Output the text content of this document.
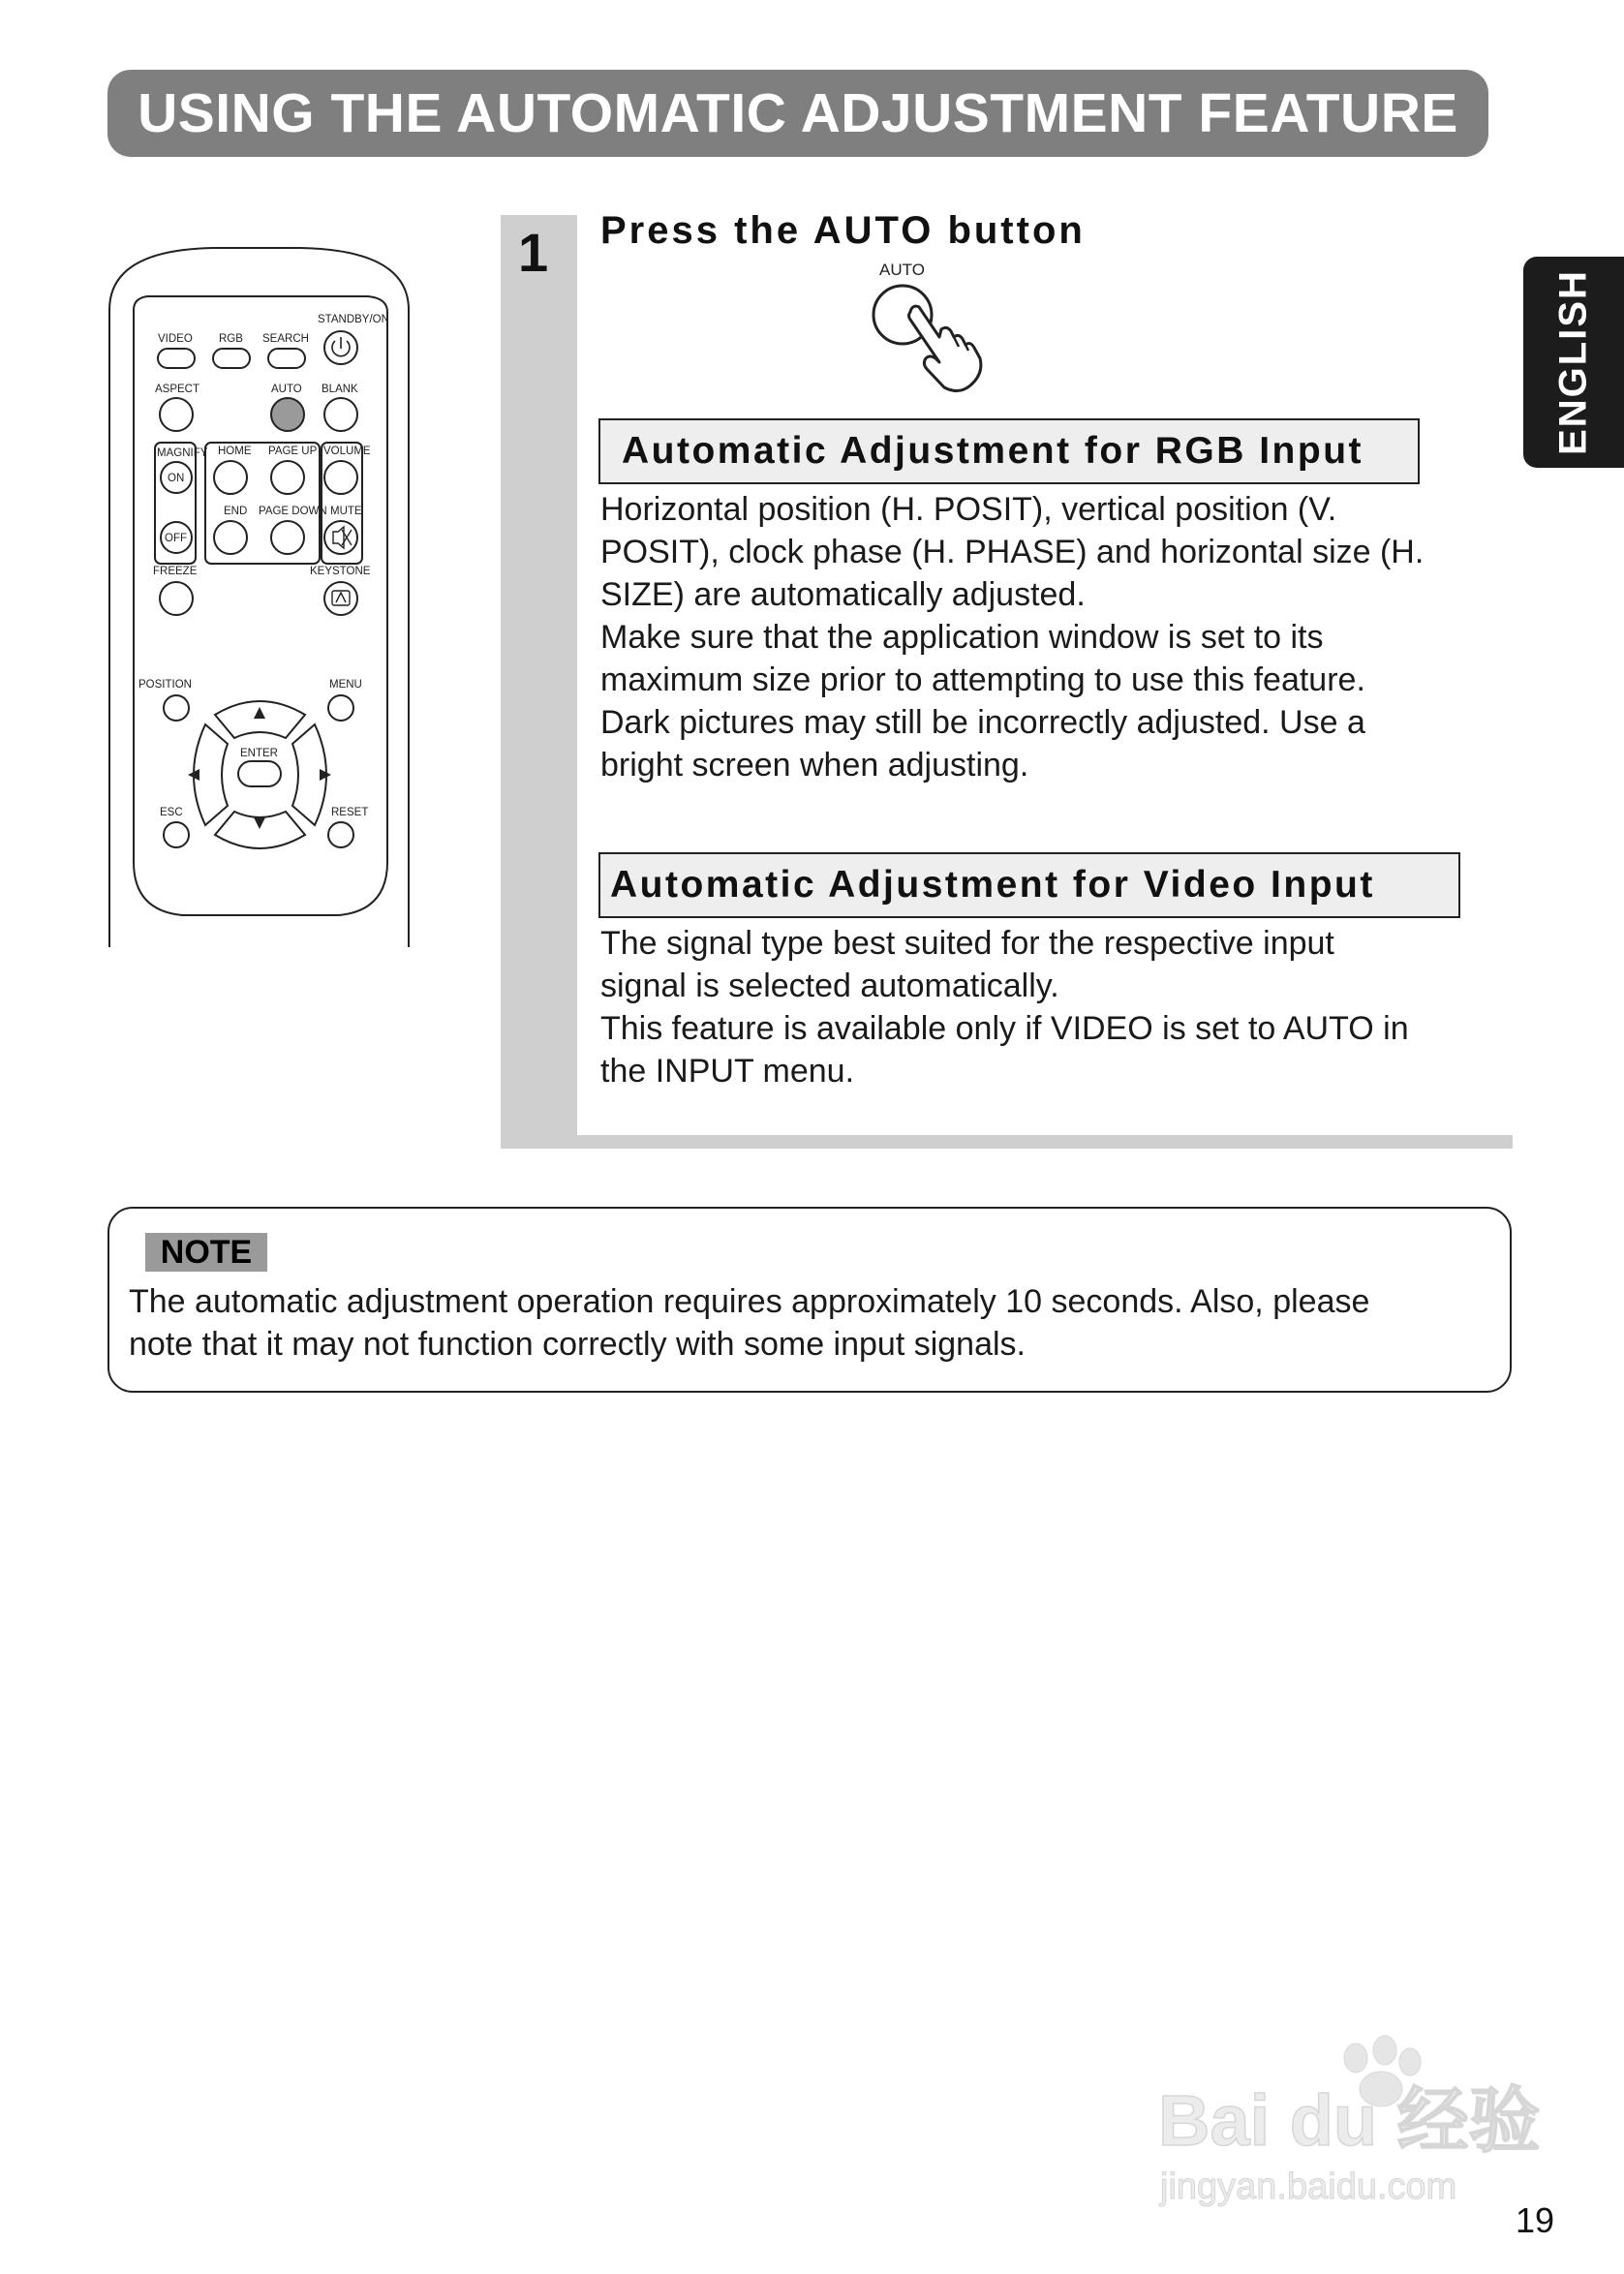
USING THE AUTOMATIC ADJUSTMENT FEATURE
ENGLISH
STANDBY/ON
VIDEO RGB SEARCH
ASPECT	AUTO BLANK
MAGNIFY HOME PAGE UP VOLUME
ON
END PAGE DOWN MUTE
OFF
FREEZE	KEYSTONE
POSITION	MENU
ENTER
ESC	RESET
1 Press the AUTO button
AUTO
Automatic Adjustment for RGB Input

Horizontal position (H. POSIT), vertical position (V.

POSIT), clock phase (H. PHASE) and horizontal size (H.

SIZE) are automatically adjusted.

Make sure that the application window is set to its

maximum size prior to attempting to use this feature.

Dark pictures may still be incorrectly adjusted. Use a

bright screen when adjusting.

Automatic Adjustment for Video Input

The signal type best suited for the respective input

signal is selected automatically.

This feature is available only if VIDEO is set to AUTO in

the INPUT menu.

NOTE

The automatic adjustment operation requires approximately 10 seconds. Also, please

note that it may not function correctly with some input signals.

Bai du 经验
jingyan.baidu.com
19
